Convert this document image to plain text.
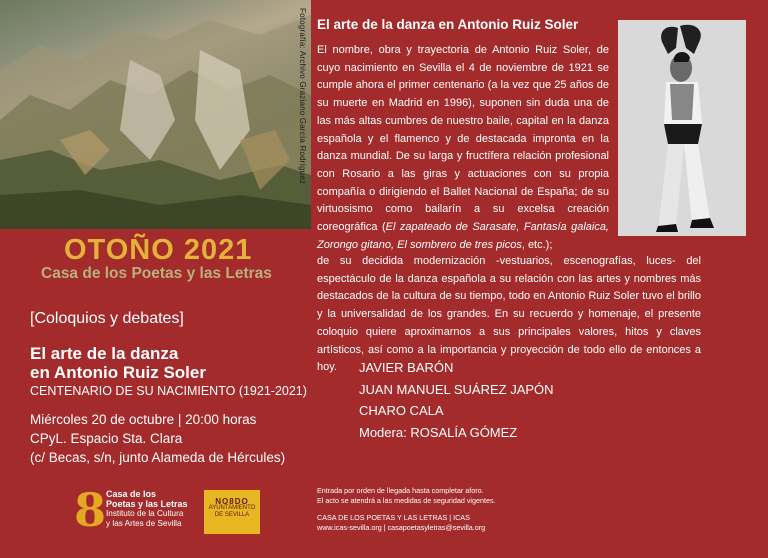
Fotografía: Archivo Graziano García Rodríguez
OTOÑO 2021
Casa de los Poetas y las Letras
[Coloquios y debates]
El arte de la danza
en Antonio Ruiz Soler
CENTENARIO DE SU NACIMIENTO (1921-2021)
Miércoles 20 de octubre | 20:00 horas
CPyL. Espacio Sta. Clara
(c/ Becas, s/n, junto Alameda de Hércules)
8 Casa de los
Poetas y las Letras
Instituto de la Cultura
y las Artes de Sevilla
NO8DO
AYUNTAMIENTO
DE SEVILLA
El arte de la danza en Antonio Ruiz Soler

El nombre, obra y trayectoria de Antonio Ruiz Soler, de cuyo nacimiento en Sevilla el 4 de noviembre de 1921 se cumple ahora el primer centenario (a la vez que 25 años de su muerte en Madrid en 1996), suponen sin duda una de las más altas cumbres de nuestro baile, capital en la danza española y el flamenco y de destacada impronta en la danza mundial. De su larga y fructífera relación profesional con Rosario a las giras y actuaciones con su propia compañía o dirigiendo el Ballet Nacional de España; de su virtuosismo como bailarín a su excelsa creación coreográfica (El zapateado de Sarasate, Fantasía galaica, Zorongo gitano, El sombrero de tres picos, etc.);

de su decidida modernización -vestuarios, escenografías, luces- del espectáculo de la danza española a su relación con las artes y nombres más destacados de la cultura de su tiempo, todo en Antonio Ruiz Soler tuvo el brillo y la universalidad de los grandes. En su recuerdo y homenaje, el presente coloquio quiere aproximarnos a sus principales valores, hitos y claves artísticos, así como a la importancia y proyección de todo ello de entonces a hoy.	JAVIER BARÓN
JUAN MANUEL SUÁREZ JAPÓN
CHARO CALA
Modera: ROSALÍA GÓMEZ
Entrada por orden de llegada hasta completar aforo.
El acto se atendrá a las medidas de seguridad vigentes.
CASA DE LOS POETAS Y LAS LETRAS | ICAS
www.icas-sevilla.org | casapoetasyletras@sevilla.org
